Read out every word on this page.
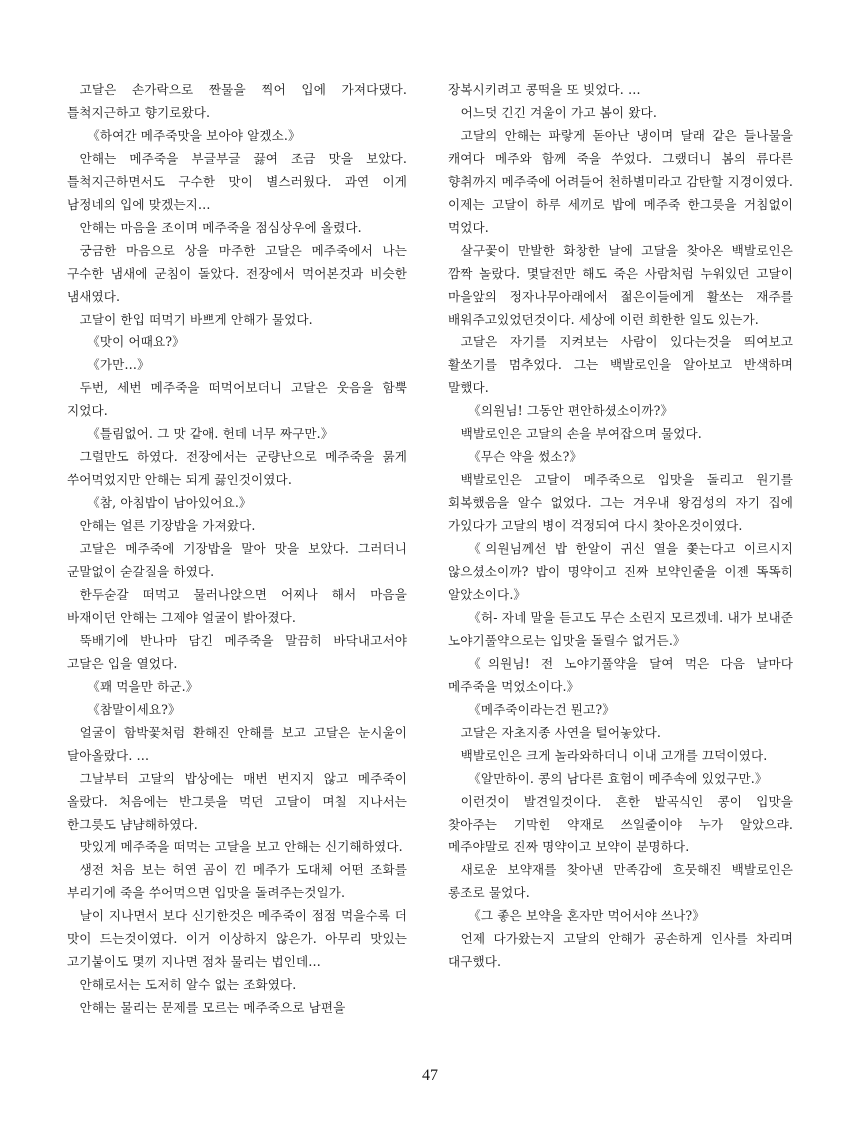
고달은 손가락으로 짠물을 찍어 입에 가져다댔다. 틀척지근하고 향기로왔다.

《하여간 메주죽맛을 보아야 알겠소.》

안해는 메주죽을 부글부글 끓여 조금 맛을 보았다. 틀척지근하면서도 구수한 맛이 별스러웠다. 과연 이게 남정네의 입에 맞겠는지…

안해는 마음을 조이며 메주죽을 점심상우에 올렸다.

궁금한 마음으로 상을 마주한 고달은 메주죽에서 나는 구수한 냄새에 군침이 돌았다. 전장에서 먹어본것과 비슷한 냄새였다.

고달이 한입 떠먹기 바쁘게 안해가 물었다.

《맛이 어때요?》

《가만…》

두번, 세번 메주죽을 떠먹어보더니 고달은 웃음을 함뿍 지었다.

《틀림없어. 그 맛 같애. 헌데 너무 짜구만.》

그럴만도 하였다. 전장에서는 군량난으로 메주죽을 묽게 쑤어먹었지만 안해는 되게 끓인것이였다.

《참, 아침밥이 남아있어요.》

안해는 얼른 기장밥을 가져왔다.

고달은 메주죽에 기장밥을 말아 맛을 보았다. 그러더니 군말없이 숟갈질을 하였다.

한두숟갈 떠먹고 물러나앉으면 어찌나 해서 마음을 바재이던 안해는 그제야 얼굴이 밝아졌다.

뚝배기에 반나마 담긴 메주죽을 말끔히 바닥내고서야 고달은 입을 열었다.

《꽤 먹을만 하군.》

《참말이세요?》

얼굴이 함박꽃처럼 환해진 안해를 보고 고달은 눈시울이 달아올랐다. …

그날부터 고달의 밥상에는 매번 번지지 않고 메주죽이 올랐다. 처음에는 반그릇을 먹던 고달이 며칠 지나서는 한그릇도 냠냠해하였다.

맛있게 메주죽을 떠먹는 고달을 보고 안해는 신기해하였다.

생전 처음 보는 허연 곰이 낀 메주가 도대체 어떤 조화를 부리기에 죽을 쑤어먹으면 입맛을 돌려주는것일가.

날이 지나면서 보다 신기한것은 메주죽이 점점 먹을수록 더 맛이 드는것이였다. 이거 이상하지 않은가. 아무리 맛있는 고기붙이도 몇끼 지나면 점차 물리는 법인데…

안해로서는 도저히 알수 없는 조화였다.

안해는 물리는 문제를 모르는 메주죽으로 남편을

장복시키려고 콩떡을 또 빚었다. …

어느덧 긴긴 겨울이 가고 봄이 왔다.

고달의 안해는 파랗게 돋아난 냉이며 달래 같은 들나물을 캐여다 메주와 함께 죽을 쑤었다. 그랬더니 봄의 류다른 향취까지 메주죽에 어려들어 천하별미라고 감탄할 지경이였다. 이제는 고달이 하루 세끼로 밥에 메주죽 한그릇을 거침없이 먹었다.

살구꽃이 만발한 화창한 날에 고달을 찾아온 백발로인은 깜짝 놀랐다. 몇달전만 해도 죽은 사람처럼 누워있던 고달이 마을앞의 정자나무아래에서 젊은이들에게 활쏘는 재주를 배워주고있었던것이다. 세상에 이런 희한한 일도 있는가.

고달은 자기를 지켜보는 사람이 있다는것을 띄여보고 활쏘기를 멈추었다. 그는 백발로인을 알아보고 반색하며 말했다.

《의원님! 그동안 편안하셨소이까?》

백발로인은 고달의 손을 부여잡으며 물었다.

《무슨 약을 썼소?》

백발로인은 고달이 메주죽으로 입맛을 돌리고 원기를 회복했음을 알수 없었다. 그는 겨우내 왕검성의 자기 집에 가있다가 고달의 병이 걱정되여 다시 찾아온것이였다.

《의원님께선 밥 한알이 귀신 열을 쫓는다고 이르시지 않으셨소이까? 밥이 명약이고 진짜 보약인줄을 이젠 똑똑히 알았소이다.》

《허- 자네 말을 듣고도 무슨 소린지 모르겠네. 내가 보내준 노야기풀약으로는 입맛을 돌릴수 없거든.》

《의원님! 전 노야기풀약을 달여 먹은 다음 날마다 메주죽을 먹었소이다.》

《메주죽이라는건 뭔고?》

고달은 자초지종 사연을 털어놓았다.

백발로인은 크게 놀라와하더니 이내 고개를 끄덕이였다.

《알만하이. 콩의 남다른 효험이 메주속에 있었구만.》

이런것이 발견일것이다. 흔한 밭곡식인 콩이 입맛을 찾아주는 기막힌 약재로 쓰일줄이야 누가 알았으랴. 메주야말로 진짜 명약이고 보약이 분명하다.

새로운 보약재를 찾아낸 만족감에 흐뭇해진 백발로인은 롱조로 물었다.

《그 좋은 보약을 혼자만 먹어서야 쓰나?》

언제 다가왔는지 고달의 안해가 공손하게 인사를 차리며 대구했다.

47
